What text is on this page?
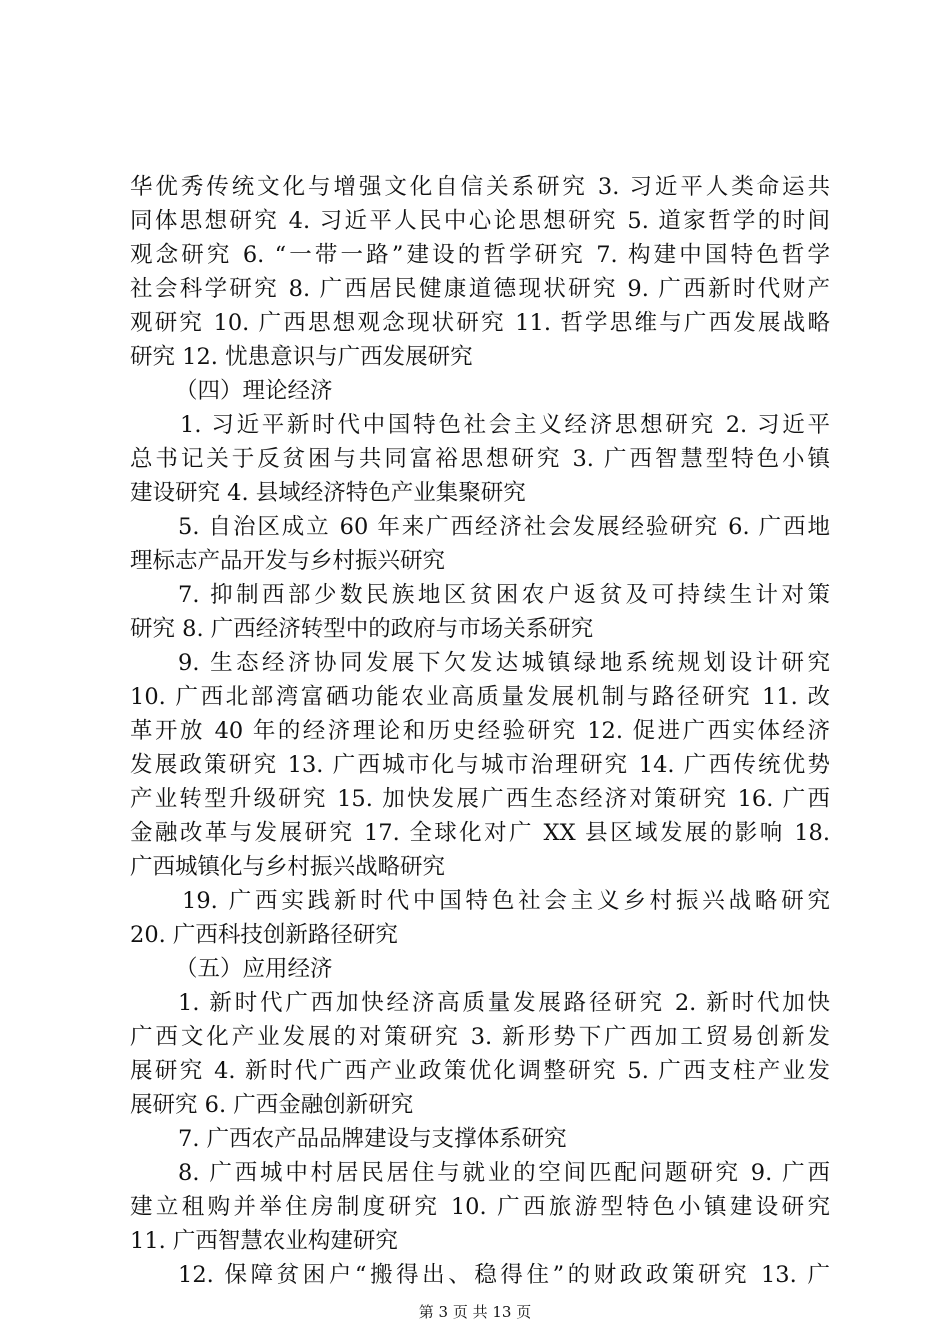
华优秀传统文化与增强文化自信关系研究 3. 习近平人类命运共
同体思想研究 4. 习近平人民中心论思想研究 5. 道家哲学的时间
观念研究 6. “一带一路”建设的哲学研究 7. 构建中国特色哲学
社会科学研究 8. 广西居民健康道德现状研究 9. 广西新时代财产
观研究 10. 广西思想观念现状研究 11. 哲学思维与广西发展战略
研究 12. 忧患意识与广西发展研究
（四）理论经济
1. 习近平新时代中国特色社会主义经济思想研究 2. 习近平
总书记关于反贫困与共同富裕思想研究 3. 广西智慧型特色小镇
建设研究 4. 县域经济特色产业集聚研究
5. 自治区成立 60 年来广西经济社会发展经验研究 6. 广西地
理标志产品开发与乡村振兴研究
7. 抑制西部少数民族地区贫困农户返贫及可持续生计对策
研究 8. 广西经济转型中的政府与市场关系研究
9. 生态经济协同发展下欠发达城镇绿地系统规划设计研究
10. 广西北部湾富硒功能农业高质量发展机制与路径研究 11. 改
革开放 40 年的经济理论和历史经验研究 12. 促进广西实体经济
发展政策研究 13. 广西城市化与城市治理研究 14. 广西传统优势
产业转型升级研究 15. 加快发展广西生态经济对策研究 16. 广西
金融改革与发展研究 17. 全球化对广 XX 县区域发展的影响 18.
广西城镇化与乡村振兴战略研究
19. 广西实践新时代中国特色社会主义乡村振兴战略研究
20. 广西科技创新路径研究
（五）应用经济
1. 新时代广西加快经济高质量发展路径研究 2. 新时代加快
广西文化产业发展的对策研究 3. 新形势下广西加工贸易创新发
展研究 4. 新时代广西产业政策优化调整研究 5. 广西支柱产业发
展研究 6. 广西金融创新研究
7. 广西农产品品牌建设与支撑体系研究
8. 广西城中村居民居住与就业的空间匹配问题研究 9. 广西
建立租购并举住房制度研究 10. 广西旅游型特色小镇建设研究
11. 广西智慧农业构建研究
12. 保障贫困户“搬得出、稳得住”的财政政策研究 13. 广
第 3 页 共 13 页
